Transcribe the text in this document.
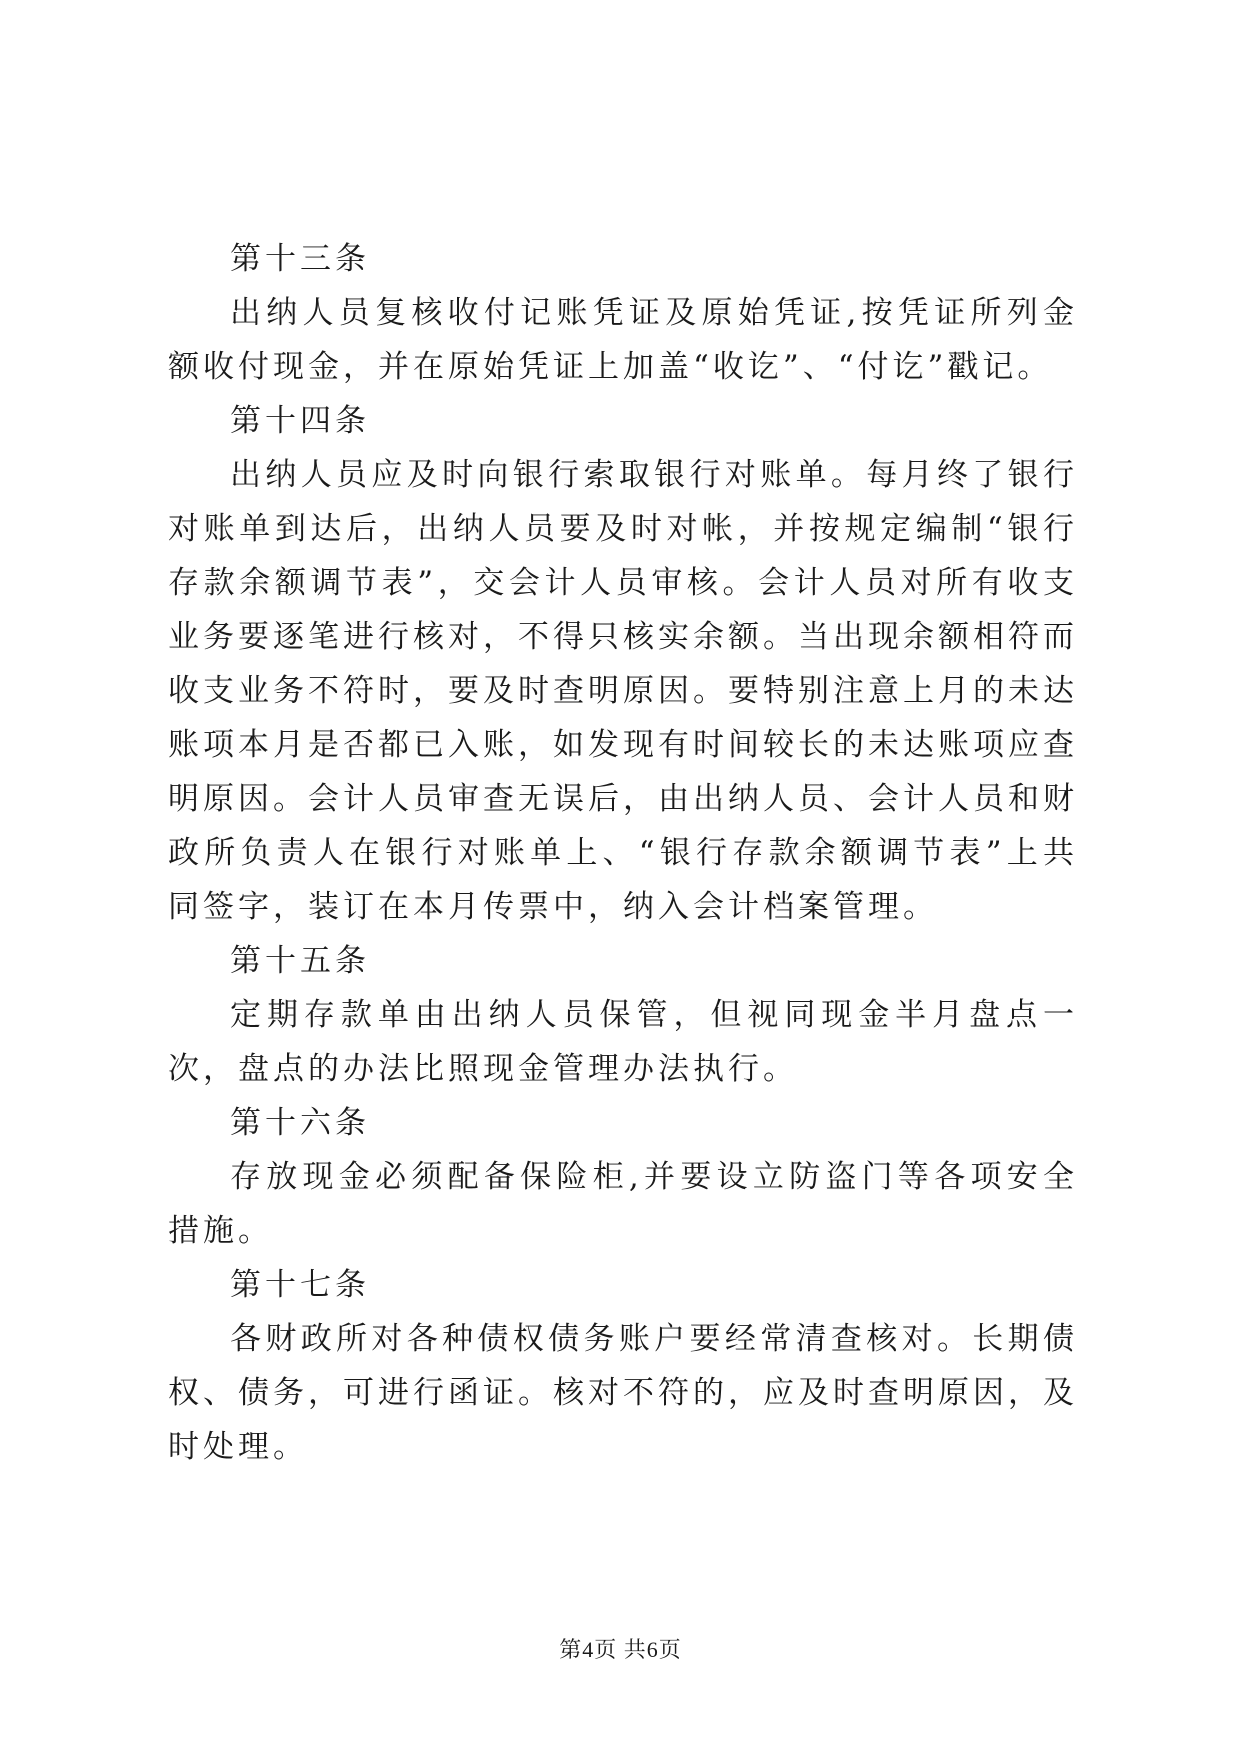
第十三条

出纳人员复核收付记账凭证及原始凭证,按凭证所列金额收付现金，并在原始凭证上加盖“收讫”、“付讫”戳记。

第十四条

出纳人员应及时向银行索取银行对账单。每月终了银行对账单到达后，出纳人员要及时对帐，并按规定编制“银行存款余额调节表”，交会计人员审核。会计人员对所有收支业务要逐笔进行核对，不得只核实余额。当出现余额相符而收支业务不符时，要及时查明原因。要特别注意上月的未达账项本月是否都已入账，如发现有时间较长的未达账项应查明原因。会计人员审查无误后，由出纳人员、会计人员和财政所负责人在银行对账单上、“银行存款余额调节表”上共同签字，装订在本月传票中，纳入会计档案管理。

第十五条

定期存款单由出纳人员保管，但视同现金半月盘点一次，盘点的办法比照现金管理办法执行。

第十六条

存放现金必须配备保险柜,并要设立防盗门等各项安全措施。

第十七条

各财政所对各种债权债务账户要经常清查核对。长期债权、债务，可进行函证。核对不符的，应及时查明原因，及时处理。

第4页 共6页
